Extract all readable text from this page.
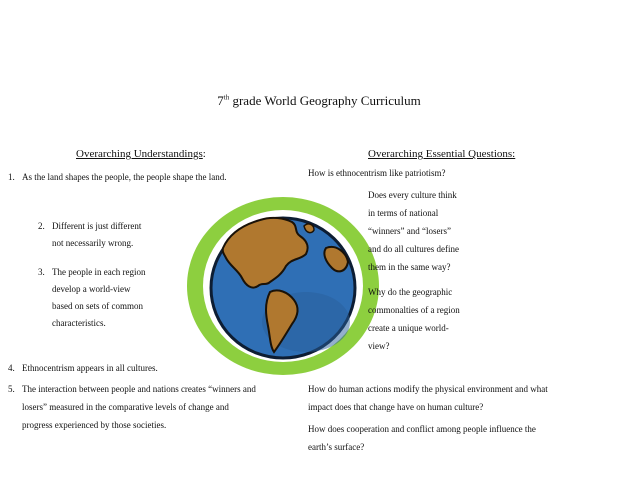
7th grade World Geography Curriculum
Overarching Understandings:
1. As the land shapes the people, the people shape the land.
2. Different is just different
not necessarily wrong.
3. The people in each region
develop a world-view
based on sets of common
characteristics.
4. Ethnocentrism appears in all cultures.
5. The interaction between people and nations creates “winners and
losers” measured in the comparative levels of change and
progress experienced by those societies.
Overarching Essential Questions:
How is ethnocentrism like patriotism?
Does every culture think
in terms of national
“winners” and “losers”
and do all cultures define
them in the same way?
Why do the geographic
commonalties of a region
create a unique world-
view?
How do human actions modify the physical environment and what
impact does that change have on human culture?
How does cooperation and conflict among people influence the
earth’s surface?
